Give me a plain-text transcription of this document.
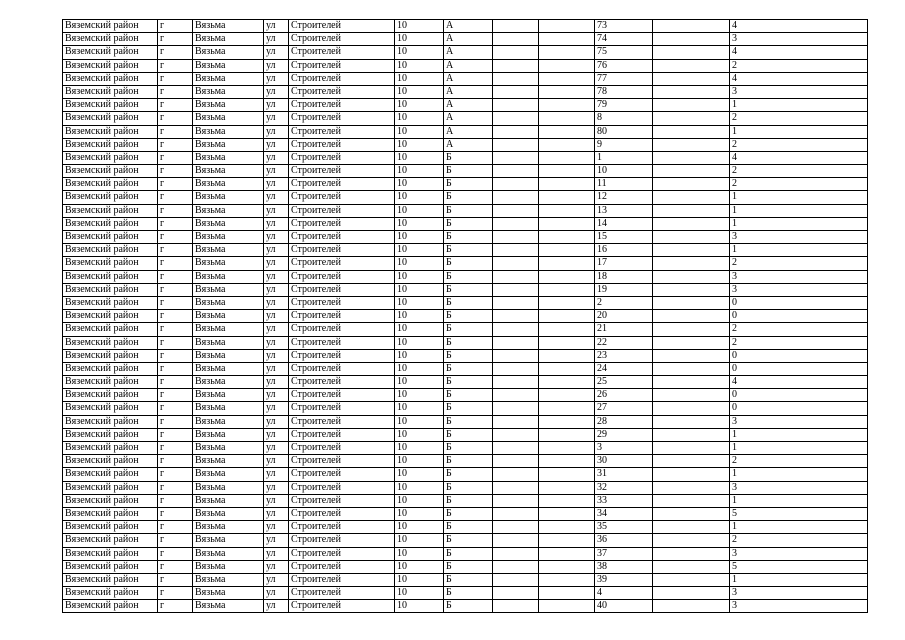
Вяземский район	г	Вязьма	ул	Строителей	10	А			73		4
Вяземский район	г	Вязьма	ул	Строителей	10	А			74		3
Вяземский район	г	Вязьма	ул	Строителей	10	А			75		4
Вяземский район	г	Вязьма	ул	Строителей	10	А			76		2
Вяземский район	г	Вязьма	ул	Строителей	10	А			77		4
Вяземский район	г	Вязьма	ул	Строителей	10	А			78		3
Вяземский район	г	Вязьма	ул	Строителей	10	А			79		1
Вяземский район	г	Вязьма	ул	Строителей	10	А			8		2
Вяземский район	г	Вязьма	ул	Строителей	10	А			80		1
Вяземский район	г	Вязьма	ул	Строителей	10	А			9		2
Вяземский район	г	Вязьма	ул	Строителей	10	Б			1		4
Вяземский район	г	Вязьма	ул	Строителей	10	Б			10		2
Вяземский район	г	Вязьма	ул	Строителей	10	Б			11		2
Вяземский район	г	Вязьма	ул	Строителей	10	Б			12		1
Вяземский район	г	Вязьма	ул	Строителей	10	Б			13		1
Вяземский район	г	Вязьма	ул	Строителей	10	Б			14		1
Вяземский район	г	Вязьма	ул	Строителей	10	Б			15		3
Вяземский район	г	Вязьма	ул	Строителей	10	Б			16		1
Вяземский район	г	Вязьма	ул	Строителей	10	Б			17		2
Вяземский район	г	Вязьма	ул	Строителей	10	Б			18		3
Вяземский район	г	Вязьма	ул	Строителей	10	Б			19		3
Вяземский район	г	Вязьма	ул	Строителей	10	Б			2		0
Вяземский район	г	Вязьма	ул	Строителей	10	Б			20		0
Вяземский район	г	Вязьма	ул	Строителей	10	Б			21		2
Вяземский район	г	Вязьма	ул	Строителей	10	Б			22		2
Вяземский район	г	Вязьма	ул	Строителей	10	Б			23		0
Вяземский район	г	Вязьма	ул	Строителей	10	Б			24		0
Вяземский район	г	Вязьма	ул	Строителей	10	Б			25		4
Вяземский район	г	Вязьма	ул	Строителей	10	Б			26		0
Вяземский район	г	Вязьма	ул	Строителей	10	Б			27		0
Вяземский район	г	Вязьма	ул	Строителей	10	Б			28		3
Вяземский район	г	Вязьма	ул	Строителей	10	Б			29		1
Вяземский район	г	Вязьма	ул	Строителей	10	Б			3		1
Вяземский район	г	Вязьма	ул	Строителей	10	Б			30		2
Вяземский район	г	Вязьма	ул	Строителей	10	Б			31		1
Вяземский район	г	Вязьма	ул	Строителей	10	Б			32		3
Вяземский район	г	Вязьма	ул	Строителей	10	Б			33		1
Вяземский район	г	Вязьма	ул	Строителей	10	Б			34		5
Вяземский район	г	Вязьма	ул	Строителей	10	Б			35		1
Вяземский район	г	Вязьма	ул	Строителей	10	Б			36		2
Вяземский район	г	Вязьма	ул	Строителей	10	Б			37		3
Вяземский район	г	Вязьма	ул	Строителей	10	Б			38		5
Вяземский район	г	Вязьма	ул	Строителей	10	Б			39		1
Вяземский район	г	Вязьма	ул	Строителей	10	Б			4		3
Вяземский район	г	Вязьма	ул	Строителей	10	Б			40		3
